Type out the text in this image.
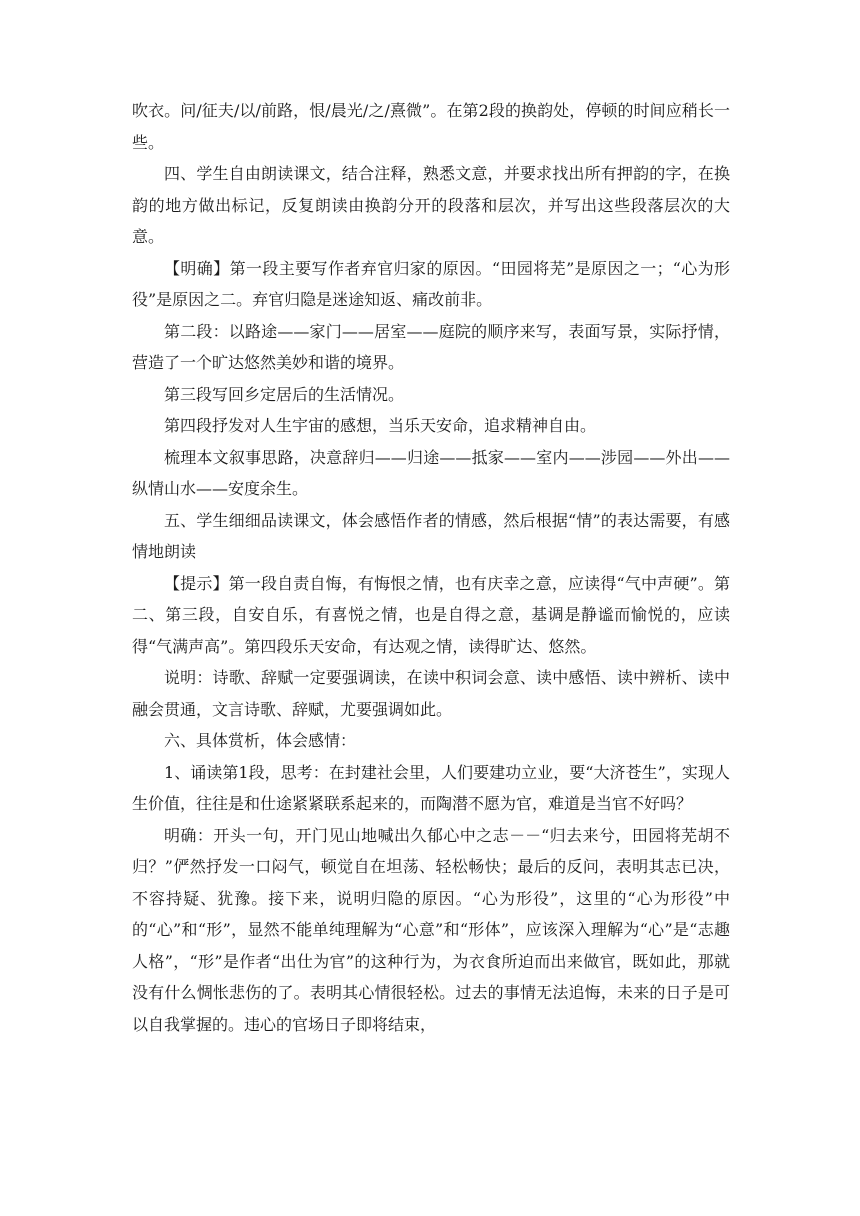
吹衣。问/征夫/以/前路，恨/晨光/之/熹微”。在第2段的换韵处，停顿的时间应稍长一些。

四、学生自由朗读课文，结合注释，熟悉文意，并要求找出所有押韵的字，在换韵的地方做出标记，反复朗读由换韵分开的段落和层次，并写出这些段落层次的大意。

【明确】第一段主要写作者弃官归家的原因。“田园将芜”是原因之一；“心为形役”是原因之二。弃官归隐是迷途知返、痛改前非。

第二段：以路途——家门——居室——庭院的顺序来写，表面写景，实际抒情，营造了一个旷达悠然美妙和谐的境界。

第三段写回乡定居后的生活情况。

第四段抒发对人生宇宙的感想，当乐天安命，追求精神自由。

梳理本文叙事思路，决意辞归——归途——抵家——室内——涉园——外出——纵情山水——安度余生。

五、学生细细品读课文，体会感悟作者的情感，然后根据“情”的表达需要，有感情地朗读

【提示】第一段自责自悔，有悔恨之情，也有庆幸之意，应读得“气中声硬”。第二、第三段，自安自乐，有喜悦之情，也是自得之意，基调是静谧而愉悦的，应读得“气满声高”。第四段乐天安命，有达观之情，读得旷达、悠然。

说明：诗歌、辞赋一定要强调读，在读中积词会意、读中感悟、读中辨析、读中融会贯通，文言诗歌、辞赋，尤要强调如此。

六、具体赏析，体会感情：

1、诵读第1段，思考：在封建社会里，人们要建功立业，要“大济苍生”，实现人生价值，往往是和仕途紧紧联系起来的，而陶潜不愿为官，难道是当官不好吗？

明确：开头一句，开门见山地喊出久郁心中之志－－“归去来兮，田园将芜胡不归？”俨然抒发一口闷气，顿觉自在坦荡、轻松畅快；最后的反问，表明其志已决，不容持疑、犹豫。接下来，说明归隐的原因。“心为形役”，这里的“心为形役”中的“心”和“形”，显然不能单纯理解为“心意”和“形体”，应该深入理解为“心”是“志趣人格”，“形”是作者“出仕为官”的这种行为，为衣食所迫而出来做官，既如此，那就没有什么惆怅悲伤的了。表明其心情很轻松。过去的事情无法追悔，未来的日子是可以自我掌握的。违心的官场日子即将结束，
